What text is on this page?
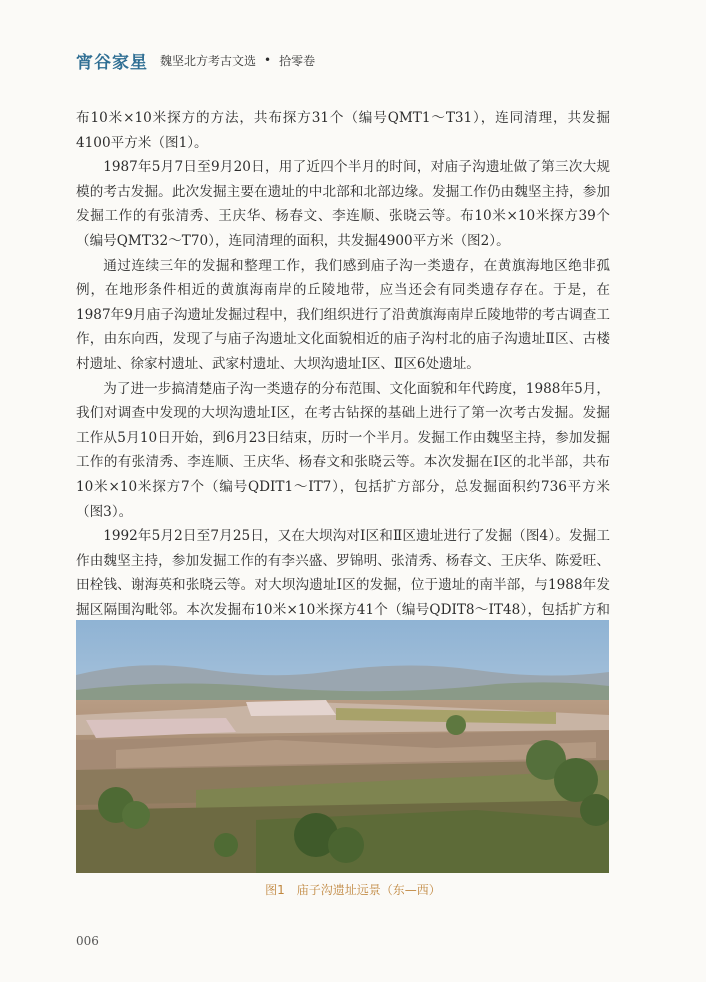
宵谷家星 魏坚北方考古文选 • 拾零卷

布10米×10米探方的方法，共布探方31个（编号QMT1～T31），连同清理，共发掘4100平方米（图1）。

1987年5月7日至9月20日，用了近四个半月的时间，对庙子沟遗址做了第三次大规模的考古发掘。此次发掘主要在遗址的中北部和北部边缘。发掘工作仍由魏坚主持，参加发掘工作的有张清秀、王庆华、杨春文、李连顺、张晓云等。布10米×10米探方39个（编号QMT32～T70），连同清理的面积，共发掘4900平方米（图2）。

通过连续三年的发掘和整理工作，我们感到庙子沟一类遗存，在黄旗海地区绝非孤例，在地形条件相近的黄旗海南岸的丘陵地带，应当还会有同类遗存存在。于是，在1987年9月庙子沟遗址发掘过程中，我们组织进行了沿黄旗海南岸丘陵地带的考古调查工作，由东向西，发现了与庙子沟遗址文化面貌相近的庙子沟村北的庙子沟遗址Ⅱ区、古楼村遗址、徐家村遗址、武家村遗址、大坝沟遗址Ⅰ区、Ⅱ区6处遗址。

为了进一步搞清楚庙子沟一类遗存的分布范围、文化面貌和年代跨度，1988年5月，我们对调查中发现的大坝沟遗址Ⅰ区，在考古钻探的基础上进行了第一次考古发掘。发掘工作从5月10日开始，到6月23日结束，历时一个半月。发掘工作由魏坚主持，参加发掘工作的有张清秀、李连顺、王庆华、杨春文和张晓云等。本次发掘在Ⅰ区的北半部，共布10米×10米探方7个（编号QDIT1～IT7），包括扩方部分，总发掘面积约736平方米（图3）。

1992年5月2日至7月25日，又在大坝沟对Ⅰ区和Ⅱ区遗址进行了发掘（图4）。发掘工作由魏坚主持，参加发掘工作的有李兴盛、罗锦明、张清秀、杨春文、王庆华、陈爱旺、田栓钱、谢海英和张晓云等。对大坝沟遗址Ⅰ区的发掘，位于遗址的南半部，与1988年发掘区隔围沟毗邻。本次发掘布10米×10米探方41个（编号QDIT8～IT48），包括扩方和

图1　庙子沟遗址远景（东—西）
006
